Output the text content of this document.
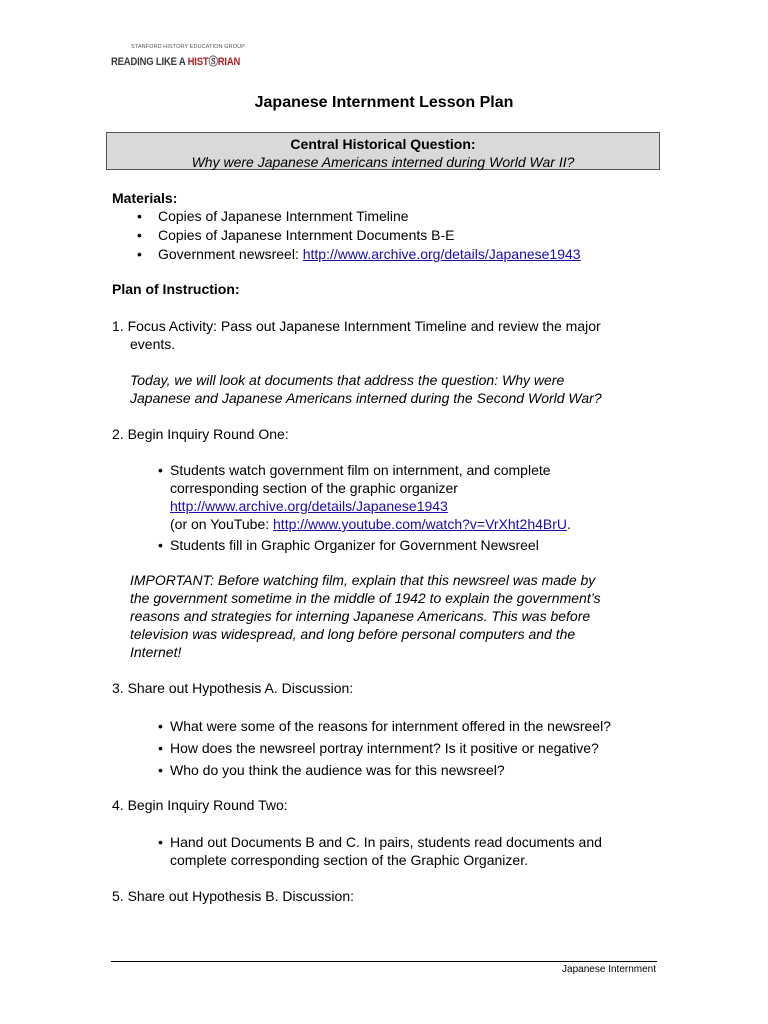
STANFORD HISTORY EDUCATION GROUP
READING LIKE A HISTⓈRIAN
Japanese Internment Lesson Plan
Central Historical Question:
Why were Japanese Americans interned during World War II?
Materials:
• Copies of Japanese Internment Timeline
• Copies of Japanese Internment Documents B-E
• Government newsreel: http://www.archive.org/details/Japanese1943
Plan of Instruction:
1. Focus Activity: Pass out Japanese Internment Timeline and review the major
events.
Today, we will look at documents that address the question: Why were
Japanese and Japanese Americans interned during the Second World War?
2. Begin Inquiry Round One:
• Students watch government film on internment, and complete
corresponding section of the graphic organizer
http://www.archive.org/details/Japanese1943
(or on YouTube: http://www.youtube.com/watch?v=VrXht2h4BrU.
• Students fill in Graphic Organizer for Government Newsreel
IMPORTANT: Before watching film, explain that this newsreel was made by
the government sometime in the middle of 1942 to explain the government’s
reasons and strategies for interning Japanese Americans. This was before
television was widespread, and long before personal computers and the
Internet!
3. Share out Hypothesis A. Discussion:
• What were some of the reasons for internment offered in the newsreel?
• How does the newsreel portray internment? Is it positive or negative?
• Who do you think the audience was for this newsreel?
4. Begin Inquiry Round Two:
• Hand out Documents B and C. In pairs, students read documents and
complete corresponding section of the Graphic Organizer.
5. Share out Hypothesis B. Discussion:
Japanese Internment
